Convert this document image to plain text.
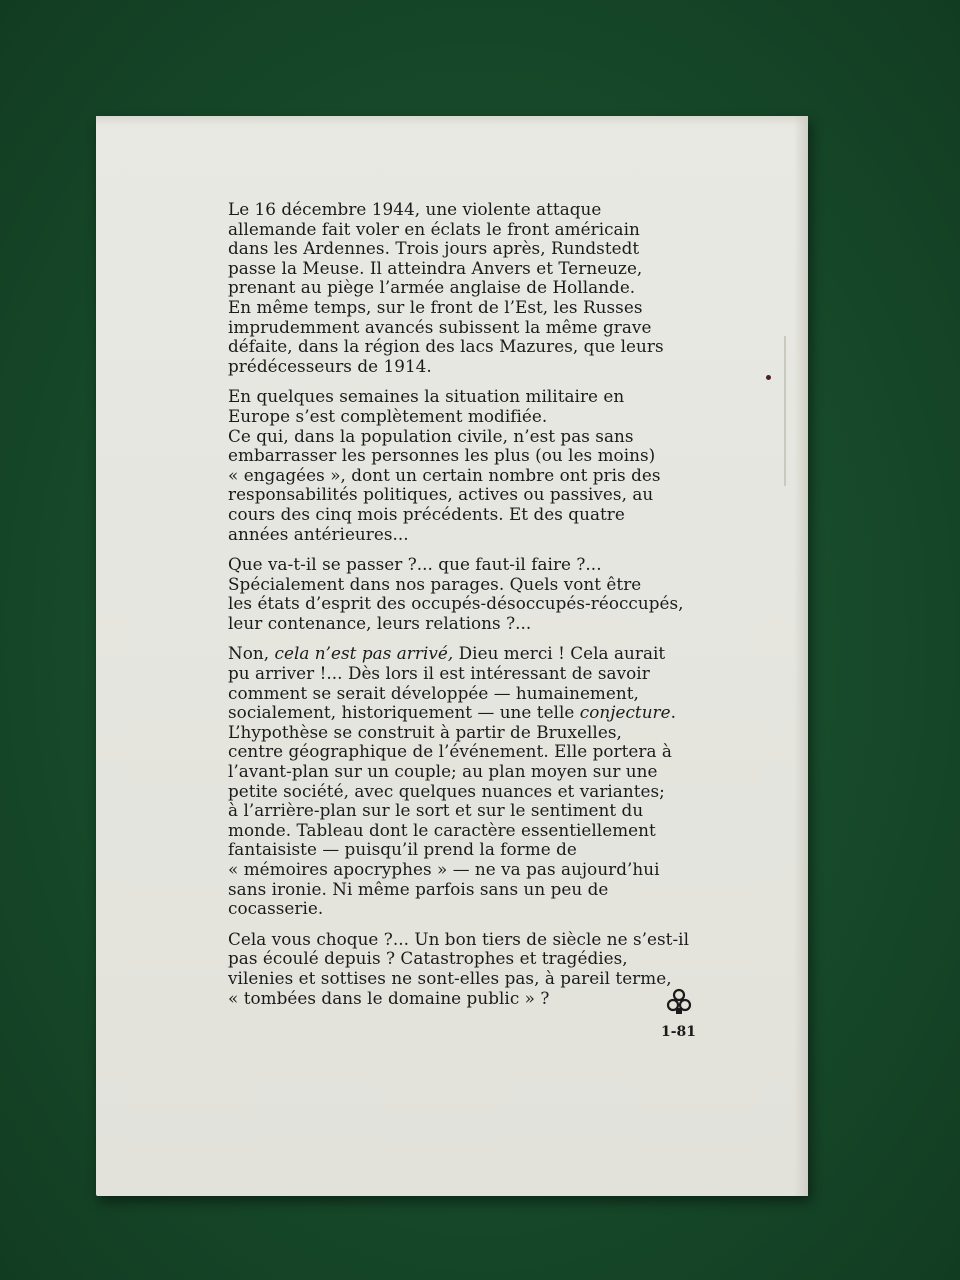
Le 16 décembre 1944, une violente attaque
allemande fait voler en éclats le front américain
dans les Ardennes. Trois jours après, Rundstedt
passe la Meuse. Il atteindra Anvers et Terneuze,
prenant au piège l’armée anglaise de Hollande.
En même temps, sur le front de l’Est, les Russes
imprudemment avancés subissent la même grave
défaite, dans la région des lacs Mazures, que leurs
prédécesseurs de 1914.

En quelques semaines la situation militaire en
Europe s’est complètement modifiée.
Ce qui, dans la population civile, n’est pas sans
embarrasser les personnes les plus (ou les moins)
« engagées », dont un certain nombre ont pris des
responsabilités politiques, actives ou passives, au
cours des cinq mois précédents. Et des quatre
années antérieures...

Que va-t-il se passer ?... que faut-il faire ?...
Spécialement dans nos parages. Quels vont être
les états d’esprit des occupés-désoccupés-réoccupés,
leur contenance, leurs relations ?...

Non, cela n’est pas arrivé, Dieu merci ! Cela aurait
pu arriver !... Dès lors il est intéressant de savoir
comment se serait développée — humainement,
socialement, historiquement — une telle conjecture.
L’hypothèse se construit à partir de Bruxelles,
centre géographique de l’événement. Elle portera à
l’avant-plan sur un couple; au plan moyen sur une
petite société, avec quelques nuances et variantes;
à l’arrière-plan sur le sort et sur le sentiment du
monde. Tableau dont le caractère essentiellement
fantaisiste — puisqu’il prend la forme de
« mémoires apocryphes » — ne va pas aujourd’hui
sans ironie. Ni même parfois sans un peu de
cocasserie.

Cela vous choque ?... Un bon tiers de siècle ne s’est-il
pas écoulé depuis ? Catastrophes et tragédies,
vilenies et sottises ne sont-elles pas, à pareil terme,
« tombées dans le domaine public » ?

1-81
